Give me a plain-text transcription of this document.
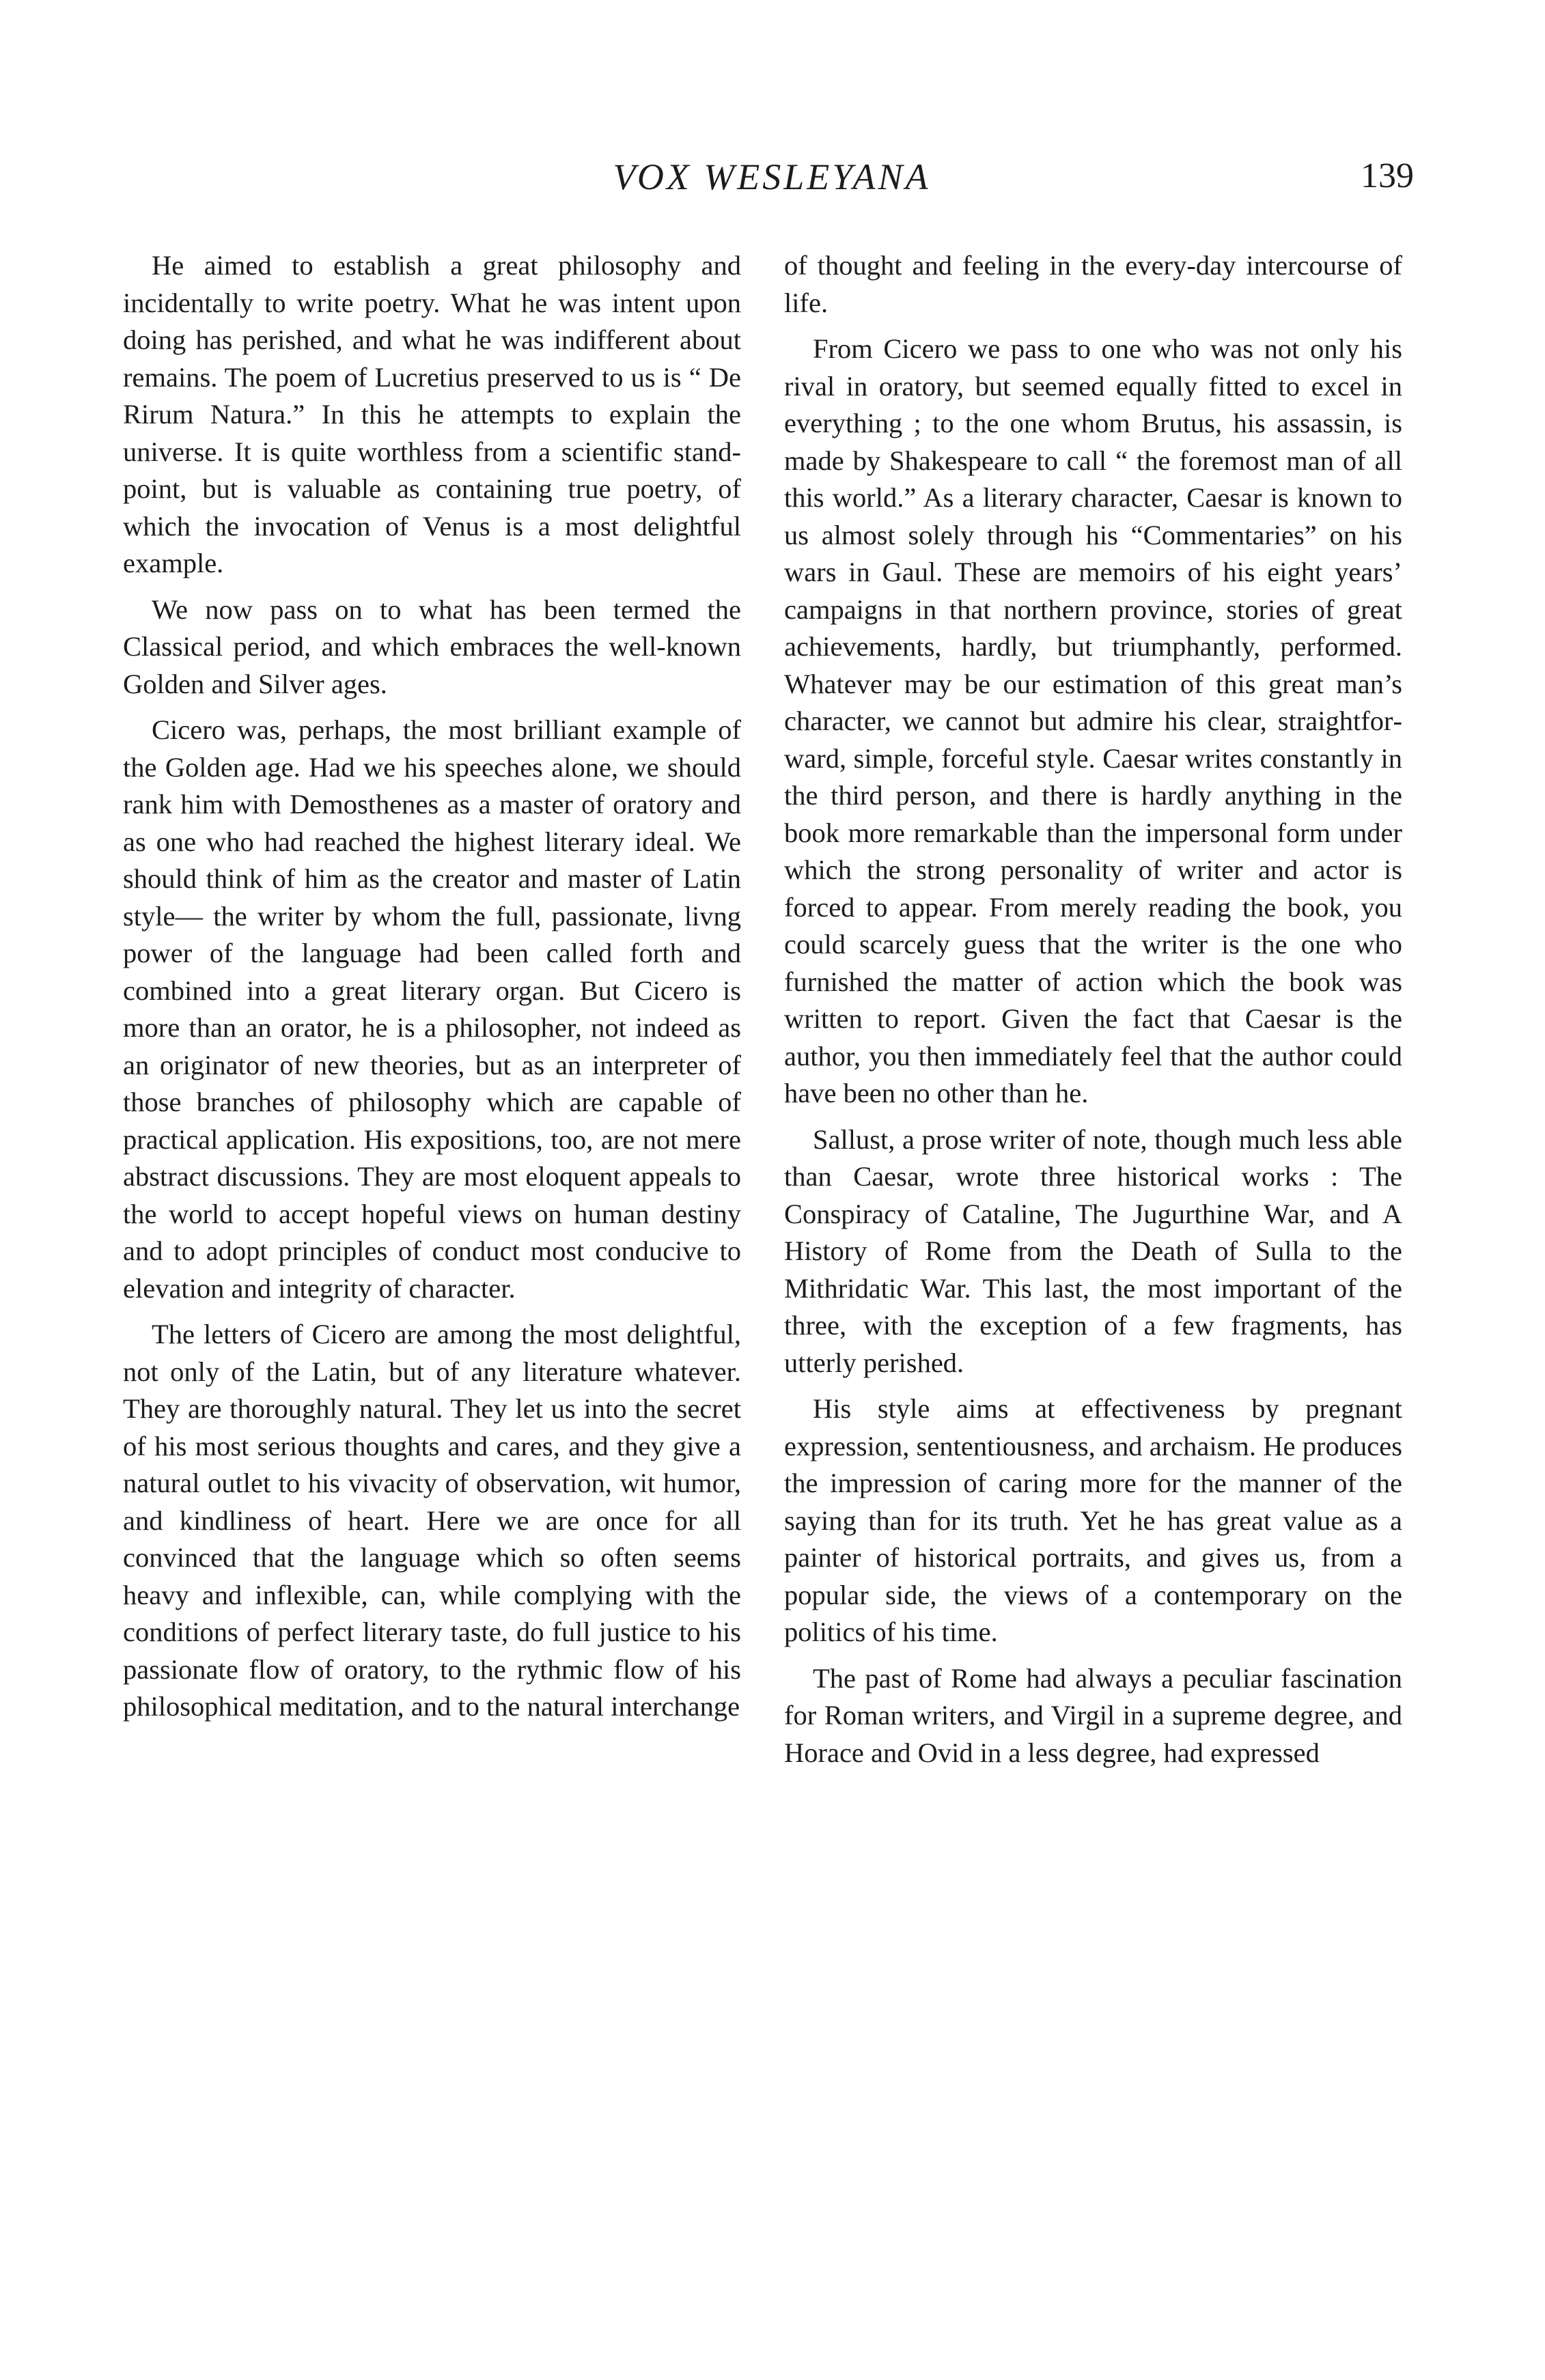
VOX WESLEYANA	139

He aimed to establish a great philosophy and incidentally to write poetry. What he was intent upon doing has perished, and what he was indifferent about remains. The poem of Lucretius preserved to us is “ De Rirum Natura.” In this he attempts to explain the universe. It is quite worthless from a scientific standpoint, but is valuable as containing true poetry, of which the invocation of Venus is a most delightful example.

We now pass on to what has been termed the Classical period, and which embraces the well-known Golden and Silver ages.

Cicero was, perhaps, the most brilliant example of the Golden age. Had we his speeches alone, we should rank him with Demosthenes as a master of oratory and as one who had reached the highest literary ideal. We should think of him as the creator and master of Latin style— the writer by whom the full, passionate, livng power of the language had been called forth and combined into a great literary organ. But Cicero is more than an orator, he is a philosopher, not indeed as an originator of new theories, but as an interpreter of those branches of philosophy which are capable of practical application. His expositions, too, are not mere abstract discussions. They are most eloquent appeals to the world to accept hopeful views on human destiny and to adopt principles of conduct most conducive to elevation and integrity of character.

The letters of Cicero are among the most delightful, not only of the Latin, but of any literature whatever. They are thoroughly natural. They let us into the secret of his most serious thoughts and cares, and they give a natural outlet to his vivacity of observation, wit humor, and kindliness of heart. Here we are once for all convinced that the language which so often seems heavy and inflexible, can, while complying with the conditions of perfect literary taste, do full justice to his passionate flow of oratory, to the rythmic flow of his philosophical meditation, and to the natural interchange

of thought and feeling in the every-day intercourse of life.

From Cicero we pass to one who was not only his rival in oratory, but seemed equally fitted to excel in everything ; to the one whom Brutus, his assassin, is made by Shakespeare to call “ the foremost man of all this world.” As a literary character, Caesar is known to us almost solely through his “Commentaries” on his wars in Gaul. These are memoirs of his eight years’ campaigns in that northern province, stories of great achievements, hardly, but triumphantly, performed. Whatever may be our estimation of this great man’s character, we cannot but admire his clear, straightforward, simple, forceful style. Caesar writes constantly in the third person, and there is hardly anything in the book more remarkable than the impersonal form under which the strong personality of writer and actor is forced to appear. From merely reading the book, you could scarcely guess that the writer is the one who furnished the matter of action which the book was written to report. Given the fact that Caesar is the author, you then immediately feel that the author could have been no other than he.

Sallust, a prose writer of note, though much less able than Caesar, wrote three historical works : The Conspiracy of Cataline, The Jugurthine War, and A History of Rome from the Death of Sulla to the Mithridatic War. This last, the most important of the three, with the exception of a few fragments, has utterly perished.

His style aims at effectiveness by pregnant expression, sententiousness, and archaism. He produces the impression of caring more for the manner of the saying than for its truth. Yet he has great value as a painter of historical portraits, and gives us, from a popular side, the views of a contemporary on the politics of his time.

The past of Rome had always a peculiar fascination for Roman writers, and Virgil in a supreme degree, and Horace and Ovid in a less degree, had expressed
